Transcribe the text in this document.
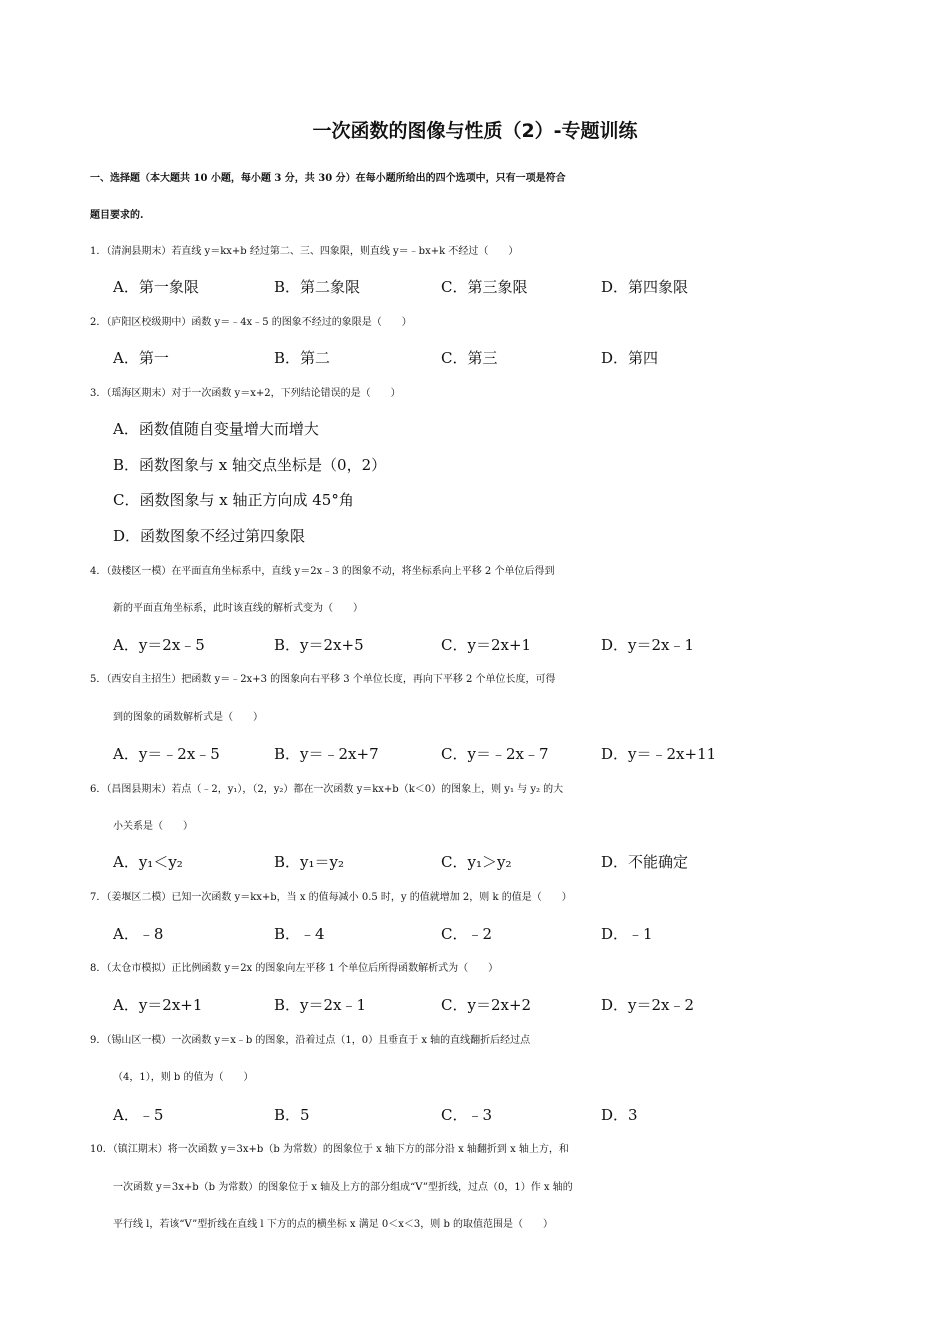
一次函数的图像与性质（2）-专题训练
一、选择题（本大题共 10 小题，每小题 3 分，共 30 分）在每小题所给出的四个选项中，只有一项是符合
题目要求的.
1．（清涧县期末）若直线 y＝kx+b 经过第二、三、四象限，则直线 y＝﹣bx+k 不经过（　　）
A．第一象限	B．第二象限	C．第三象限	D．第四象限
2．（庐阳区校级期中）函数 y＝﹣4x﹣5 的图象不经过的象限是（　　）
A．第一	B．第二	C．第三	D．第四
3．（瑶海区期末）对于一次函数 y＝x+2，下列结论错误的是（　　）
A．函数值随自变量增大而增大
B．函数图象与 x 轴交点坐标是（0，2）
C．函数图象与 x 轴正方向成 45°角
D．函数图象不经过第四象限
4．（鼓楼区一模）在平面直角坐标系中，直线 y＝2x﹣3 的图象不动，将坐标系向上平移 2 个单位后得到
新的平面直角坐标系，此时该直线的解析式变为（　　）
A．y＝2x﹣5	B．y＝2x+5	C．y＝2x+1	D．y＝2x﹣1
5．（西安自主招生）把函数 y＝﹣2x+3 的图象向右平移 3 个单位长度，再向下平移 2 个单位长度，可得
到的图象的函数解析式是（　　）
A．y＝﹣2x﹣5	B．y＝﹣2x+7	C．y＝﹣2x﹣7	D．y＝﹣2x+11
6．（昌图县期末）若点（﹣2，y₁），（2，y₂）都在一次函数 y＝kx+b（k＜0）的图象上，则 y₁ 与 y₂ 的大
小关系是（　　）
A．y₁＜y₂	B．y₁＝y₂	C．y₁＞y₂	D．不能确定
7．（姜堰区二模）已知一次函数 y＝kx+b，当 x 的值每减小 0.5 时，y 的值就增加 2，则 k 的值是（　　）
A．﹣8	B．﹣4	C．﹣2	D．﹣1
8．（太仓市模拟）正比例函数 y＝2x 的图象向左平移 1 个单位后所得函数解析式为（　　）
A．y＝2x+1	B．y＝2x﹣1	C．y＝2x+2	D．y＝2x﹣2
9．（锡山区一模）一次函数 y＝x﹣b 的图象，沿着过点（1，0）且垂直于 x 轴的直线翻折后经过点
（4，1），则 b 的值为（　　）
A．﹣5	B．5	C．﹣3	D．3
10．（镇江期末）将一次函数 y＝3x+b（b 为常数）的图象位于 x 轴下方的部分沿 x 轴翻折到 x 轴上方，和
一次函数 y＝3x+b（b 为常数）的图象位于 x 轴及上方的部分组成“V”型折线，过点（0，1）作 x 轴的
平行线 l，若该“V”型折线在直线 l 下方的点的横坐标 x 满足 0＜x＜3，则 b 的取值范围是（　　）
